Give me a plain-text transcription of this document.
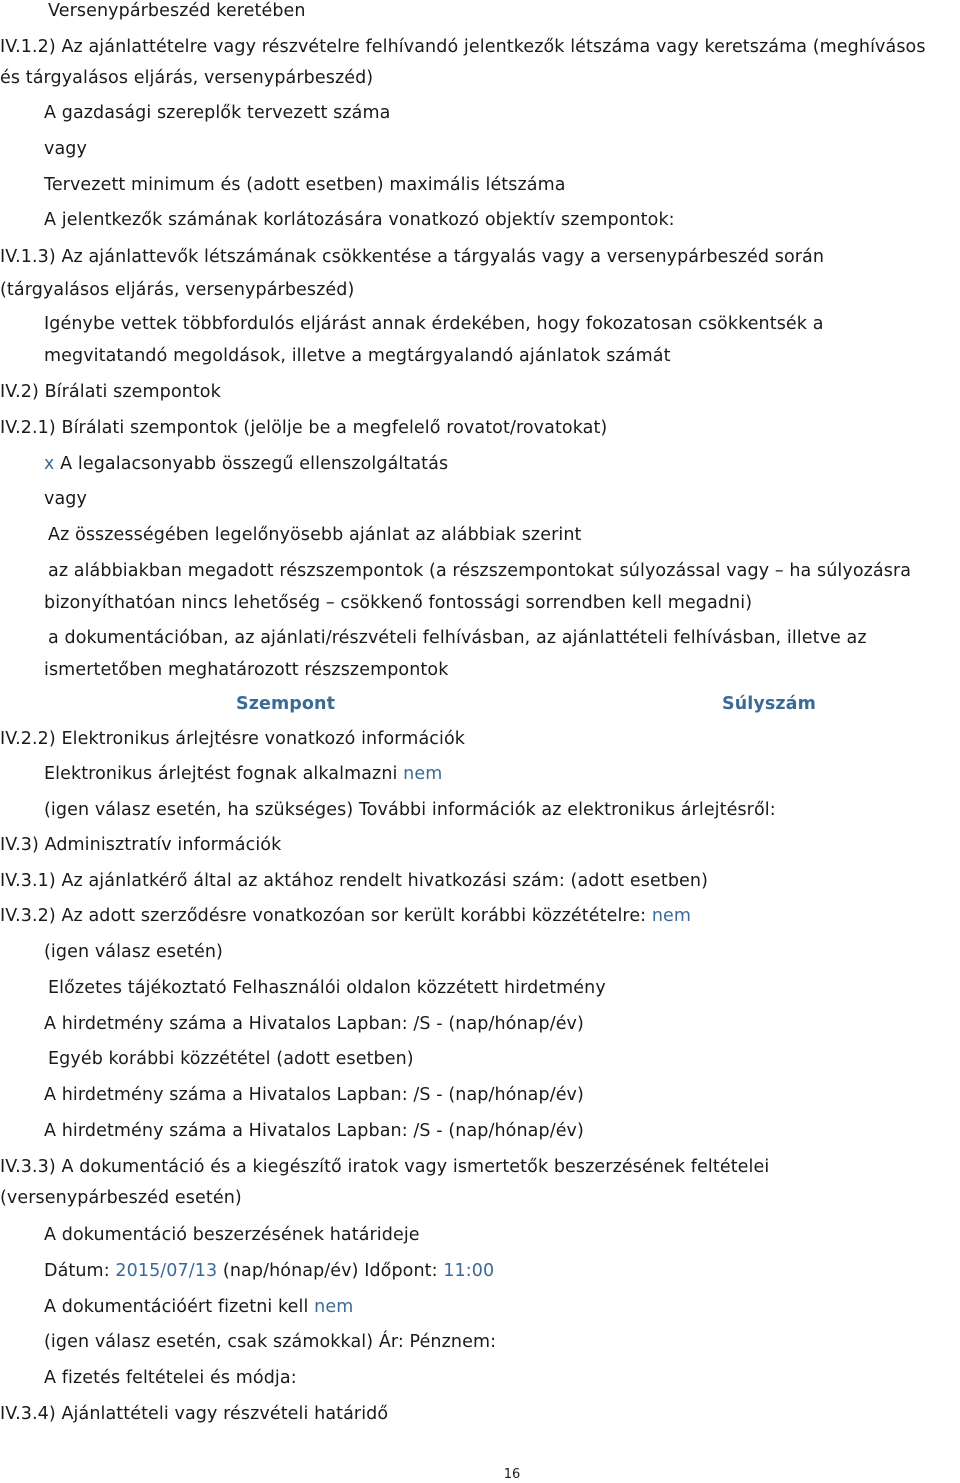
Versenypárbeszéd keretében
IV.1.2) Az ajánlattételre vagy részvételre felhívandó jelentkezők létszáma vagy keretszáma (meghívásos
és tárgyalásos eljárás, versenypárbeszéd)
A gazdasági szereplők tervezett száma
vagy
Tervezett minimum és (adott esetben) maximális létszáma
A jelentkezők számának korlátozására vonatkozó objektív szempontok:
IV.1.3) Az ajánlattevők létszámának csökkentése a tárgyalás vagy a versenypárbeszéd során
(tárgyalásos eljárás, versenypárbeszéd)
Igénybe vettek többfordulós eljárást annak érdekében, hogy fokozatosan csökkentsék a
megvitatandó megoldások, illetve a megtárgyalandó ajánlatok számát
IV.2) Bírálati szempontok
IV.2.1) Bírálati szempontok (jelölje be a megfelelő rovatot/rovatokat)
x A legalacsonyabb összegű ellenszolgáltatás
vagy
Az összességében legelőnyösebb ajánlat az alábbiak szerint
az alábbiakban megadott részszempontok (a részszempontokat súlyozással vagy – ha súlyozásra
bizonyíthatóan nincs lehetőség – csökkenő fontossági sorrendben kell megadni)
a dokumentációban, az ajánlati/részvételi felhívásban, az ajánlattételi felhívásban, illetve az
ismertetőben meghatározott részszempontok
Szempont	Súlyszám
IV.2.2) Elektronikus árlejtésre vonatkozó információk
Elektronikus árlejtést fognak alkalmazni nem
(igen válasz esetén, ha szükséges) További információk az elektronikus árlejtésről:
IV.3) Adminisztratív információk
IV.3.1) Az ajánlatkérő által az aktához rendelt hivatkozási szám: (adott esetben)
IV.3.2) Az adott szerződésre vonatkozóan sor került korábbi közzétételre: nem
(igen válasz esetén)
Előzetes tájékoztató Felhasználói oldalon közzétett hirdetmény
A hirdetmény száma a Hivatalos Lapban: /S - (nap/hónap/év)
Egyéb korábbi közzététel (adott esetben)
A hirdetmény száma a Hivatalos Lapban: /S - (nap/hónap/év)
A hirdetmény száma a Hivatalos Lapban: /S - (nap/hónap/év)
IV.3.3) A dokumentáció és a kiegészítő iratok vagy ismertetők beszerzésének feltételei
(versenypárbeszéd esetén)
A dokumentáció beszerzésének határideje
Dátum: 2015/07/13 (nap/hónap/év) Időpont: 11:00
A dokumentációért fizetni kell nem
(igen válasz esetén, csak számokkal) Ár: Pénznem:
A fizetés feltételei és módja:
IV.3.4) Ajánlattételi vagy részvételi határidő
16
